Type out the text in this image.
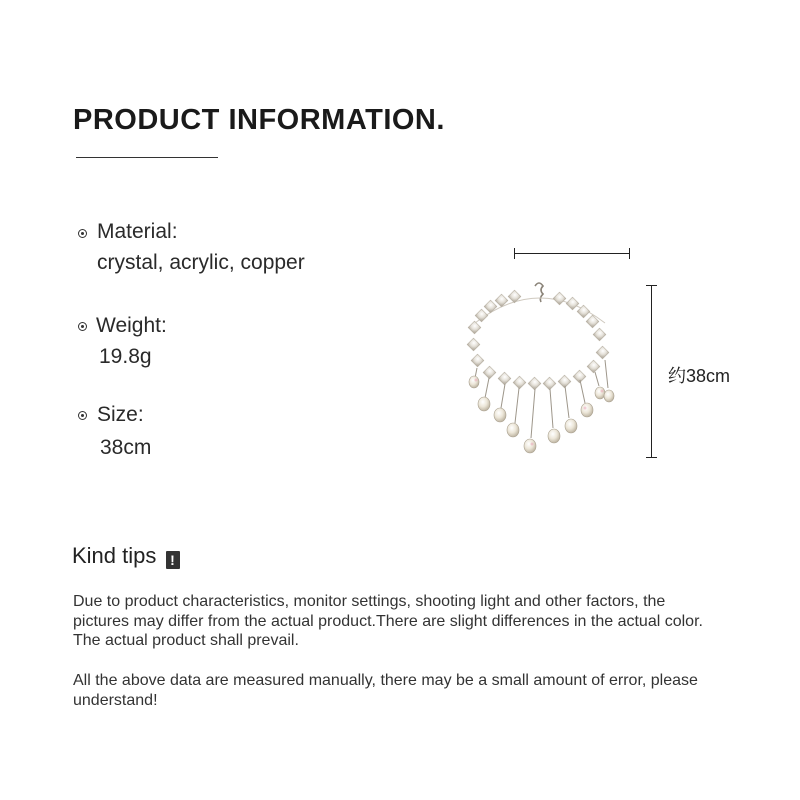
PRODUCT INFORMATION.
Material:
crystal, acrylic, copper
Weight:
19.8g
Size:
38cm
约38cm
Kind tips !
Due to product characteristics, monitor settings, shooting light and other factors, the pictures may differ from the actual product.There are slight differences in the actual color. The actual product shall prevail.
All the above data are measured manually, there may be a small amount of error, please understand!
